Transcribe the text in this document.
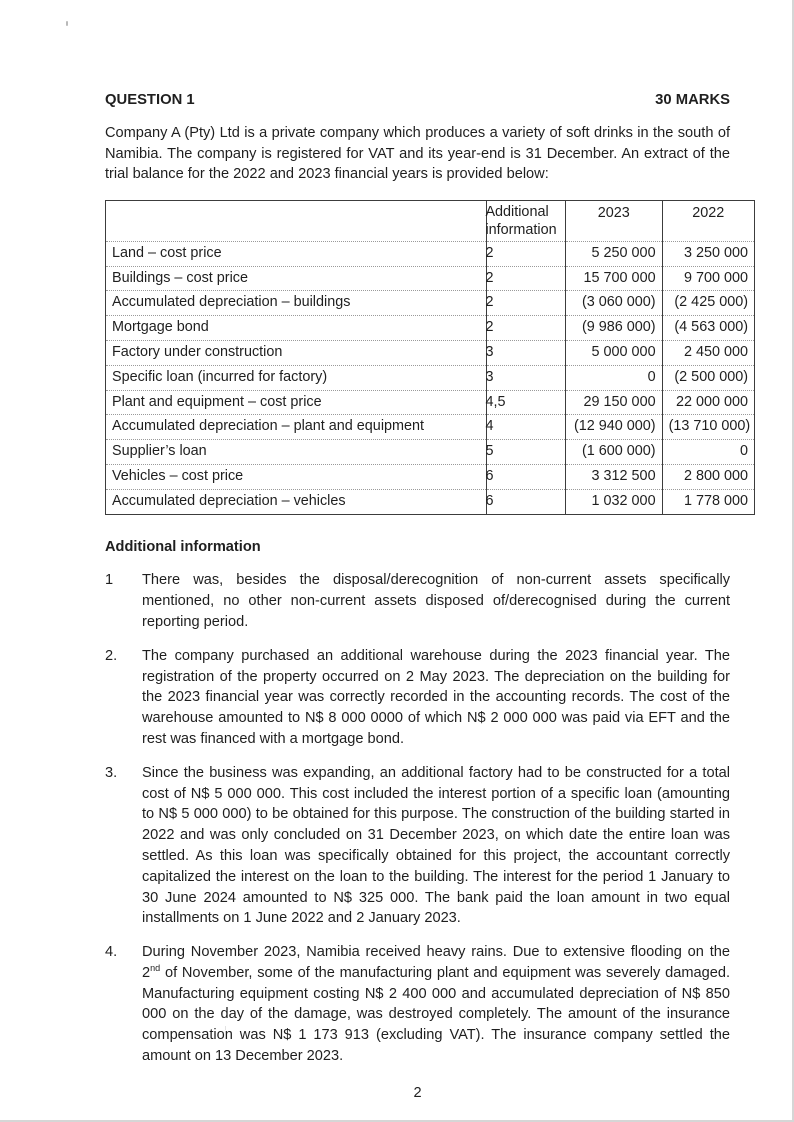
QUESTION 1	30 MARKS

Company A (Pty) Ltd is a private company which produces a variety of soft drinks in the south of Namibia. The company is registered for VAT and its year-end is 31 December. An extract of the trial balance for the 2022 and 2023 financial years is provided below:

	Additional
information	2023	2022
Land – cost price	2	5 250 000	3 250 000
Buildings – cost price	2	15 700 000	9 700 000
Accumulated depreciation – buildings	2	(3 060 000)	(2 425 000)
Mortgage bond	2	(9 986 000)	(4 563 000)
Factory under construction	3	5 000 000	2 450 000
Specific loan (incurred for factory)	3	0	(2 500 000)
Plant and equipment – cost price	4,5	29 150 000	22 000 000
Accumulated depreciation – plant and equipment	4	(12 940 000)	(13 710 000)
Supplier’s loan	5	(1 600 000)	0
Vehicles – cost price	6	3 312 500	2 800 000
Accumulated depreciation – vehicles	6	1 032 000	1 778 000
Additional information
1	There was, besides the disposal/derecognition of non-current assets specifically mentioned, no other non-current assets disposed of/derecognised during the current reporting period.
2.	The company purchased an additional warehouse during the 2023 financial year. The registration of the property occurred on 2 May 2023. The depreciation on the building for the 2023 financial year was correctly recorded in the accounting records. The cost of the warehouse amounted to N$ 8 000 0000 of which N$ 2 000 000 was paid via EFT and the rest was financed with a mortgage bond.
3.	Since the business was expanding, an additional factory had to be constructed for a total cost of N$ 5 000 000. This cost included the interest portion of a specific loan (amounting to N$ 5 000 000) to be obtained for this purpose. The construction of the building started in 2022 and was only concluded on 31 December 2023, on which date the entire loan was settled. As this loan was specifically obtained for this project, the accountant correctly capitalized the interest on the loan to the building. The interest for the period 1 January to 30 June 2024 amounted to N$ 325 000. The bank paid the loan amount in two equal installments on 1 June 2022 and 2 January 2023.
4.	During November 2023, Namibia received heavy rains. Due to extensive flooding on the 2nd of November, some of the manufacturing plant and equipment was severely damaged. Manufacturing equipment costing N$ 2 400 000 and accumulated depreciation of N$ 850 000 on the day of the damage, was destroyed completely. The amount of the insurance compensation was N$ 1 173 913 (excluding VAT). The insurance company settled the amount on 13 December 2023.
2
